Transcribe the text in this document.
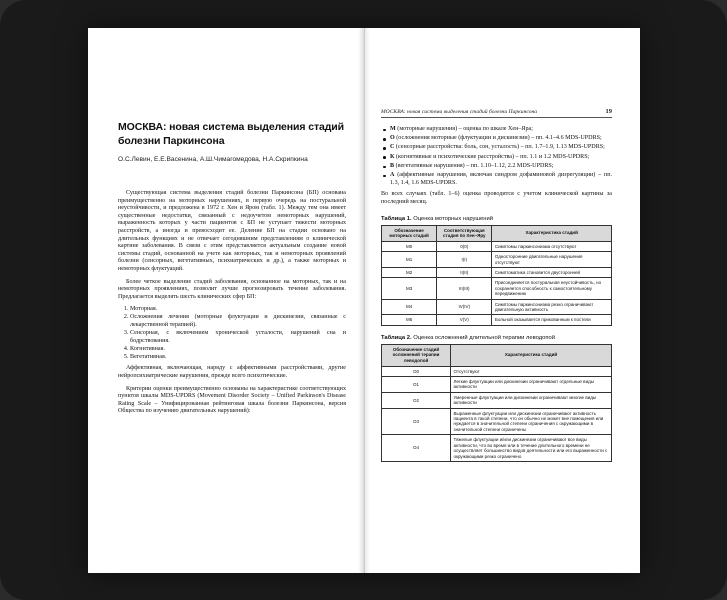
МОСКВА: новая система выделения стадий болезни Паркинсона

О.С.Левин, Е.Е.Васенина, А.Ш.Чимагомедова, Н.А.Скрипкина

Существующая система выделения стадий болезни Паркинсона (БП) основана преимущественно на моторных нарушениях, в первую очередь на постуральной неустойчивости, и предложена в 1972 г. Хен и Яром (табл. 1). Между тем она имеет существенные недостатки, связанный с недоучетом немоторных нарушений, выраженность которых у части пациентов с БП не уступает тяжести моторных расстройств, а иногда и превосходит ее. Деление БП на стадии основано на длительных функциях и не отвечает сегодняшним представлениям о клинической картине заболевания. В связи с этим представляется актуальным создание новой системы стадий, основанной на учете как моторных, так и немоторных проявлений болезни (сенсорных, вегетативных, психиатрических и др.), а также моторных и немоторных флуктуаций.

Более четкое выделение стадий заболевания, основанное на моторных, так и на немоторных проявлениях, позволит лучше прогнозировать течение заболевания. Предлагается выделять шесть клинических сфер БП:

1. Моторная.
2. Осложнения лечения (моторные флуктуации и дискинезии, связанные с лекарственной терапией).
3. Сенсорная, с включением хронической усталости, нарушений сна и бодрствования.
4. Когнитивная.
5. Вегетативная.

Аффективная, включающая, наряду с аффективными расстройствами, другие нейропсихиатрические нарушения, прежде всего психотические.

Критерии оценки преимущественно основаны на характеристике соответствующих пунктов шкалы MDS-UPDRS (Movement Disorder Society – Unified Parkinson's Disease Rating Scale – Унифицированная рейтинговая шкала болезни Паркинсона, версия Общества по изучению двигательных нарушений):

МОСКВА: новая система выделения стадий болезни Паркинсона	19
М (моторные нарушения) – оценка по шкале Хен–Яра;
О (осложнения моторные (флуктуации и дискинезии) – пп. 4.1–4.6 MDS-UPDRS;
С (сенсорные расстройства: боль, сон, усталость) – пп. 1.7–1.9, 1.13 MDS-UPDRS;
К (когнитивные и психотические расстройства) – пп. 1.1 и 1.2 MDS-UPDRS;
В (вегетативные нарушения) – пп. 1.10–1.12, 2.2 MDS-UPDRS;
А (аффективные нарушения, включая синдром дофаминовой дизрегуляции) – пп. 1.3, 1.4, 1.6 MDS-UPDRS.

Во всех случаях (табл. 1–6) оценка проводится с учетом клинической картины за последний месяц.

Таблица 1. Оценка моторных нарушений
Обозначение моторных стадий	Соответствующая стадия по Хен–Яру	Характеристика стадий
М0	0(0)	Симптомы паркинсонизма отсутствуют
М1	I(I)	Односторонние двигательные нарушения отсутствуют
М2	II(II)	Симптоматика становится двусторонней
М3	III(III)	Присоединяется постуральная неустойчивость, но сохраняется способность к самостоятельному передвижению
М4	IV(IV)	Симптомы паркинсонизма резко ограничивают двигательную активность
М5	V(V)	Больной оказывается прикованным к постели
Таблица 2. Оценка осложнений длительной терапии леводопой
Обозначение стадий осложнений терапии леводопой	Характеристика стадий
О0	Отсутствуют
О1	Легкие флуктуации или дискинезии ограничивают отдельные виды активности
О2	Умеренные флуктуации или дискинезии ограничивают многие виды активности
О3	Выраженные флуктуации или дискинезии ограничивают активность пациента в такой степени, что он обычно не может вне помещения или нуждается в значительной степени ограничения с окружающими в значительной степени ограничены
О4	Тяжелые флуктуации и/или дискинезии ограничивают все виды активности, что во время или в течение длительного времени не осуществляет большинство видов деятельности или его выраженности с окружающими резко ограничено
